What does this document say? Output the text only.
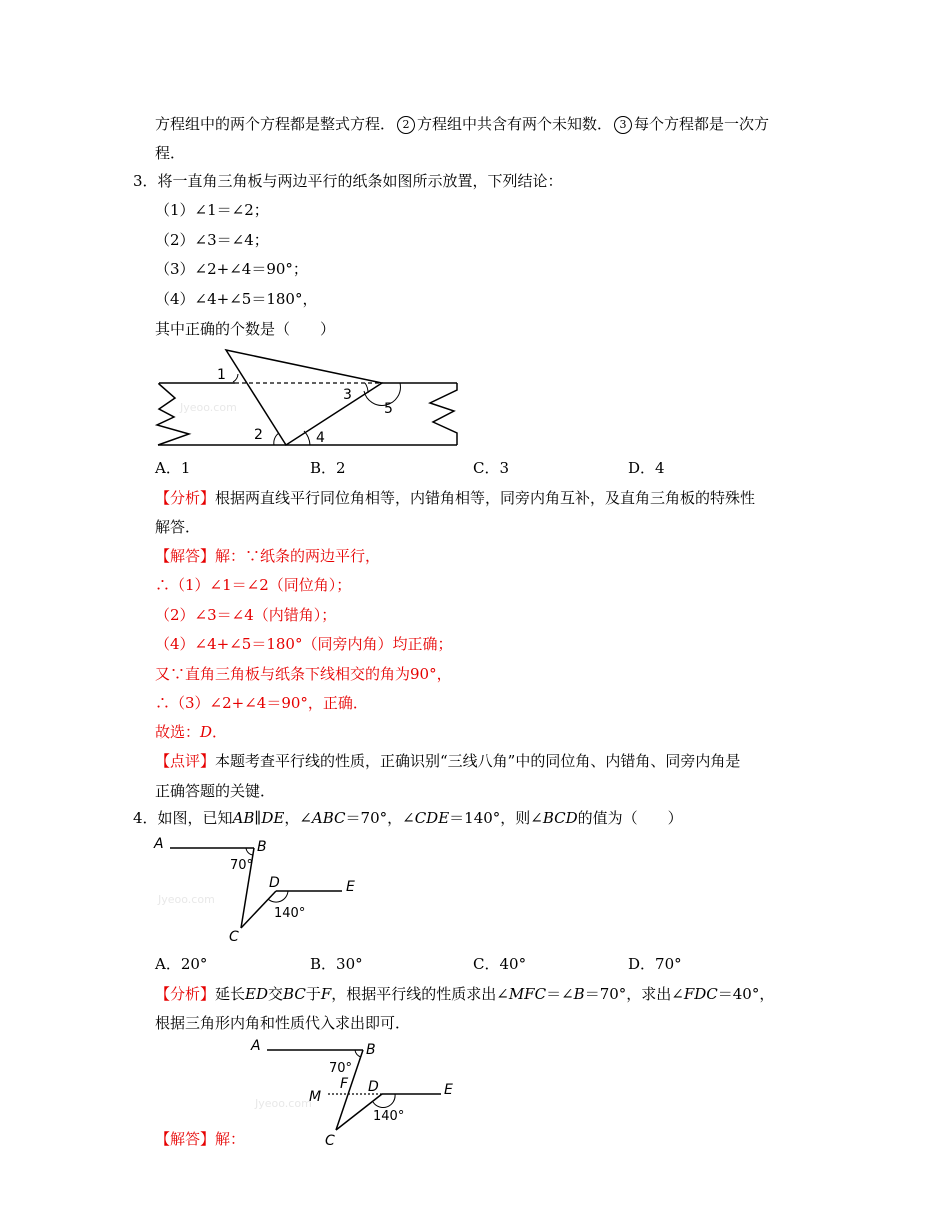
方程组中的两个方程都是整式方程． 2 方程组中共含有两个未知数． 3 每个方程都是一次方
程．
3．将一直角三角板与两边平行的纸条如图所示放置，下列结论：
（1）∠1＝∠2；
（2）∠3＝∠4；
（3）∠2+∠4＝90°；
（4）∠4+∠5＝180°，
其中正确的个数是（　　）
1
2
3
4
5
Jyeoo.com
A．1	B．2	C．3	D．4
【分析】根据两直线平行同位角相等，内错角相等，同旁内角互补，及直角三角板的特殊性
解答．
【解答】解：∵纸条的两边平行，
∴（1）∠1＝∠2（同位角）；
（2）∠3＝∠4（内错角）；
（4）∠4+∠5＝180°（同旁内角）均正确；
又∵直角三角板与纸条下线相交的角为90°，
∴（3）∠2+∠4＝90°，正确．
故选：D．
【点评】本题考查平行线的性质，正确识别“三线八角”中的同位角、内错角、同旁内角是
正确答题的关键．
4．如图，已知AB∥DE，∠ABC＝70°，∠CDE＝140°，则∠BCD的值为（　　）
A	B
C
D	E
70°
140°
Jyeoo.com
A．20°	B．30°	C．40°	D．70°
【分析】延长ED交BC于F，根据平行线的性质求出∠MFC＝∠B＝70°，求出∠FDC＝40°，
根据三角形内角和性质代入求出即可．
A	B
C
D	E
F
M
70°
140°
Jyeoo.com
【解答】解：
